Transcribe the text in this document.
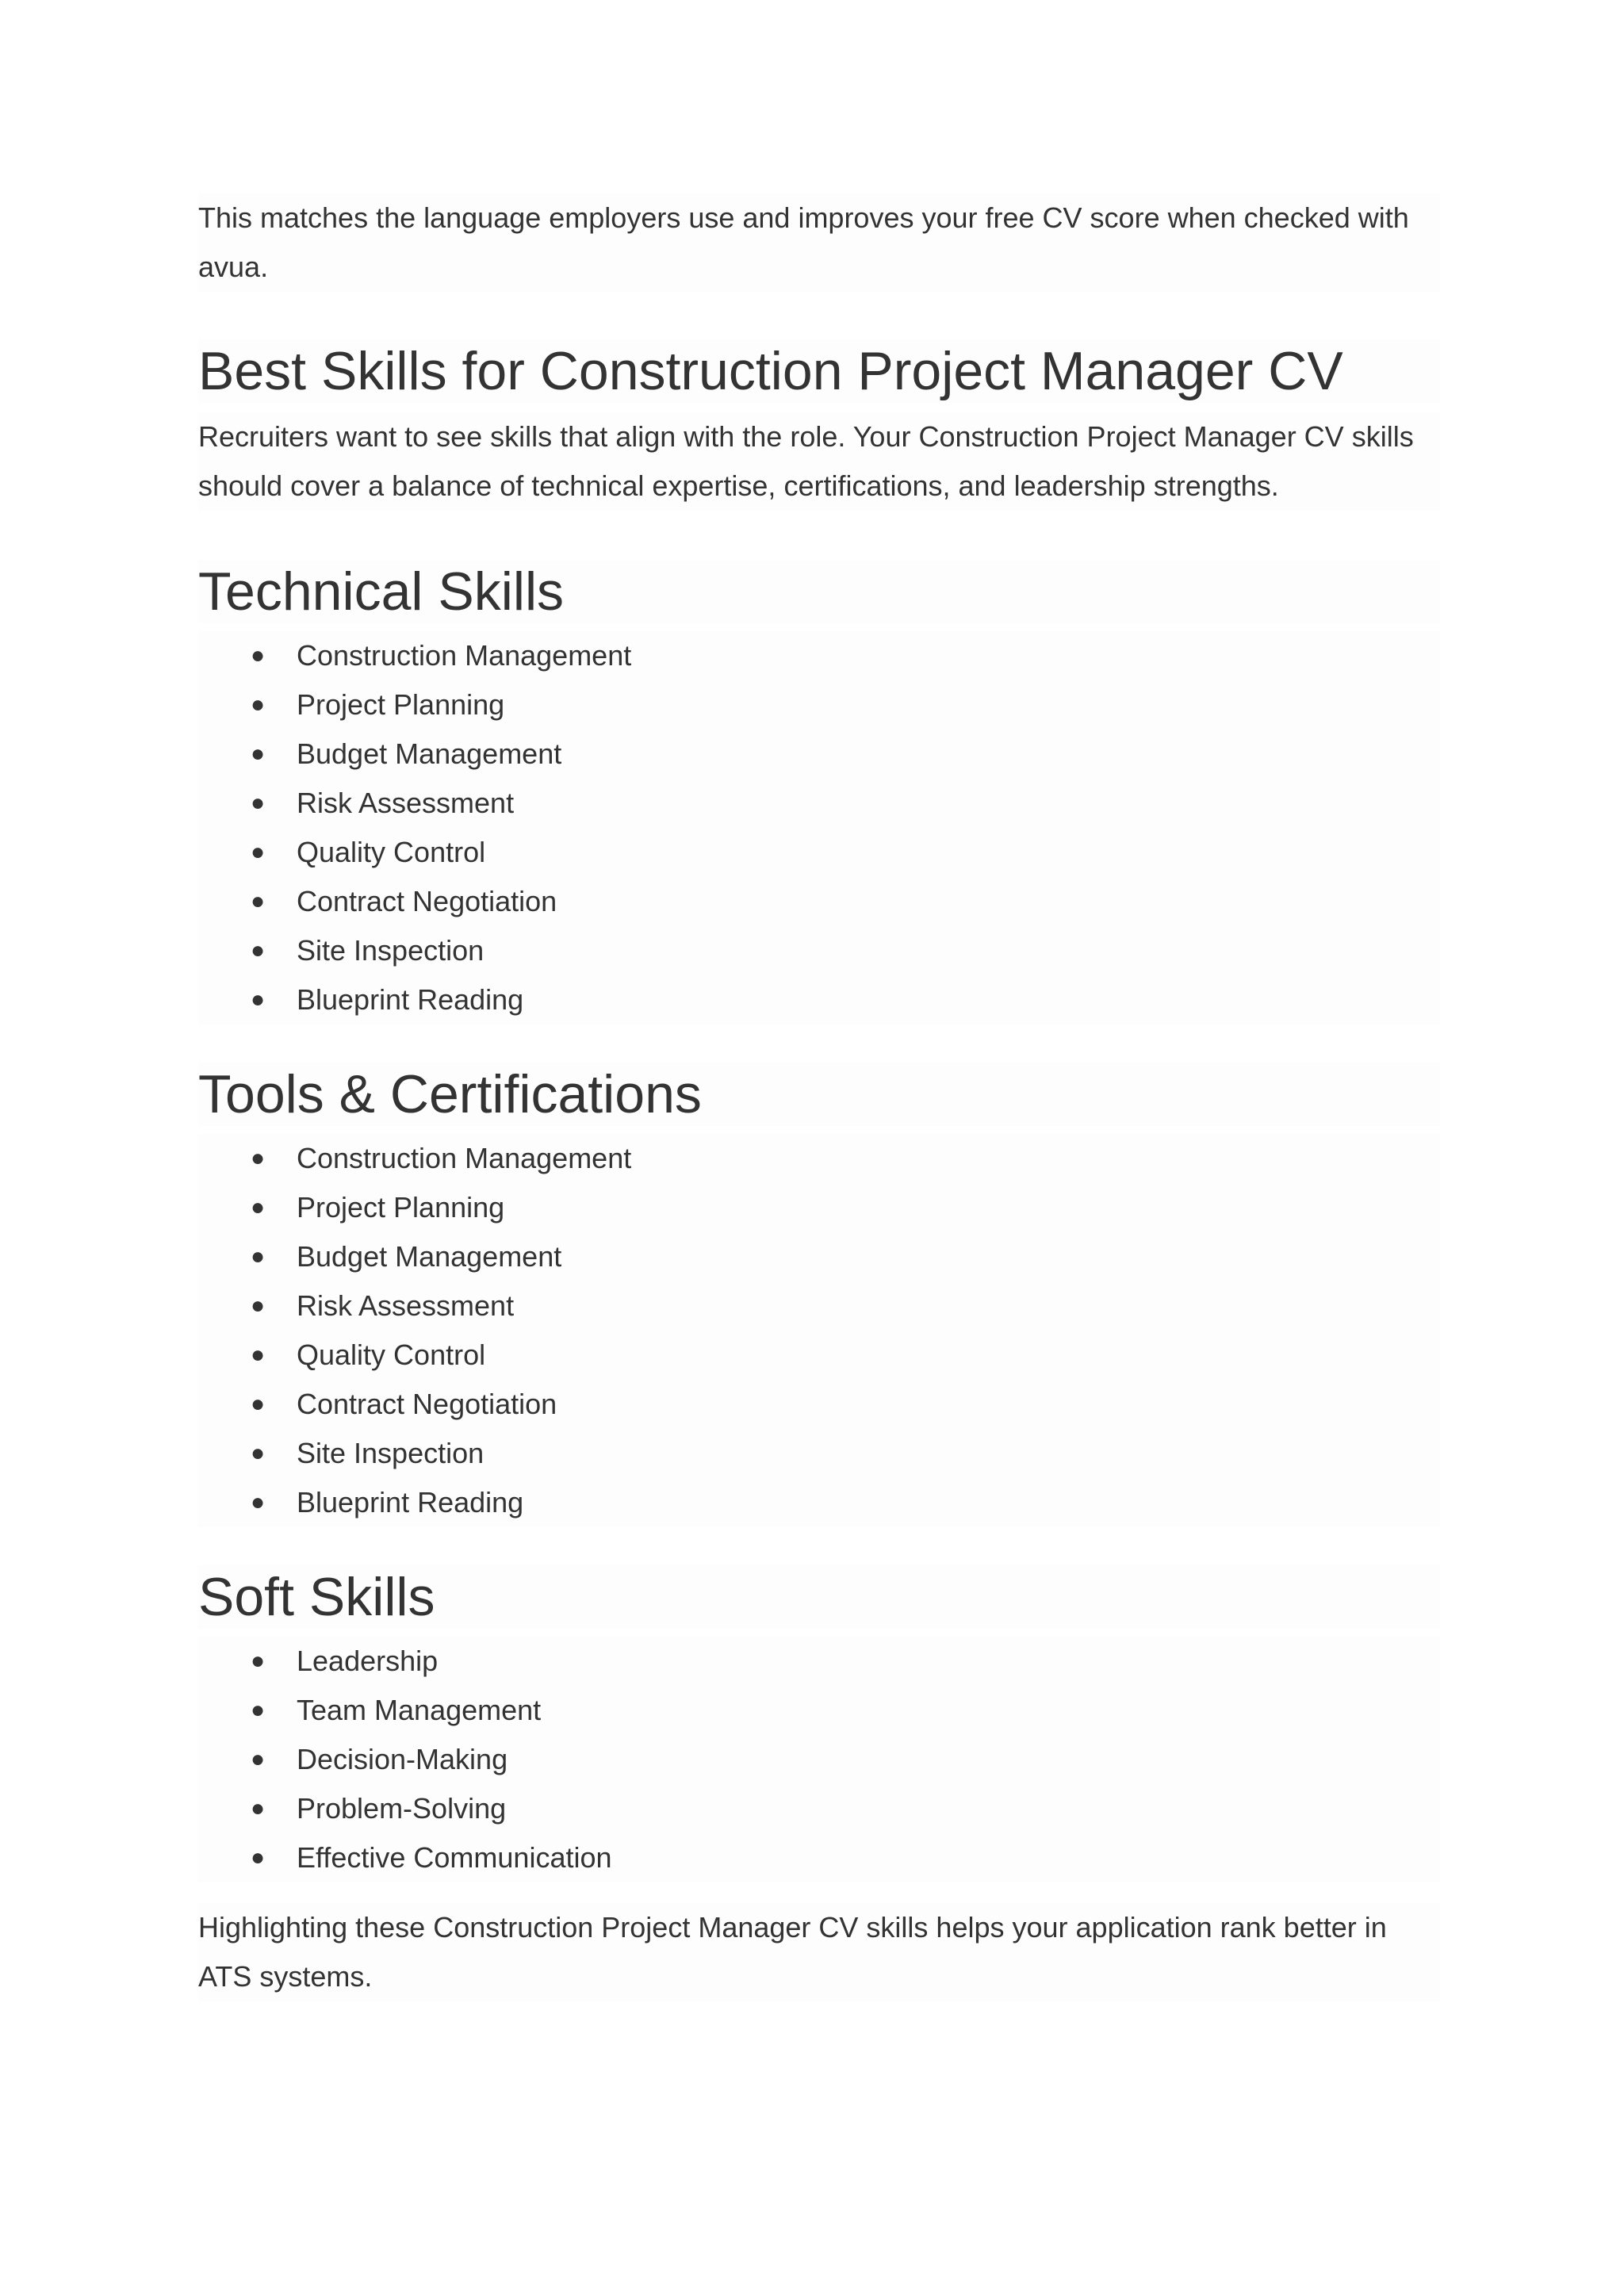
This matches the language employers use and improves your free CV score when checked with avua.

Best Skills for Construction Project Manager CV

Recruiters want to see skills that align with the role. Your Construction Project Manager CV skills should cover a balance of technical expertise, certifications, and leadership strengths.

Technical Skills
●	Construction Management
●	Project Planning
●	Budget Management
●	Risk Assessment
●	Quality Control
●	Contract Negotiation
●	Site Inspection
●	Blueprint Reading
Tools & Certifications
●	Construction Management
●	Project Planning
●	Budget Management
●	Risk Assessment
●	Quality Control
●	Contract Negotiation
●	Site Inspection
●	Blueprint Reading
Soft Skills
●	Leadership
●	Team Management
●	Decision-Making
●	Problem-Solving
●	Effective Communication

Highlighting these Construction Project Manager CV skills helps your application rank better in ATS systems.
